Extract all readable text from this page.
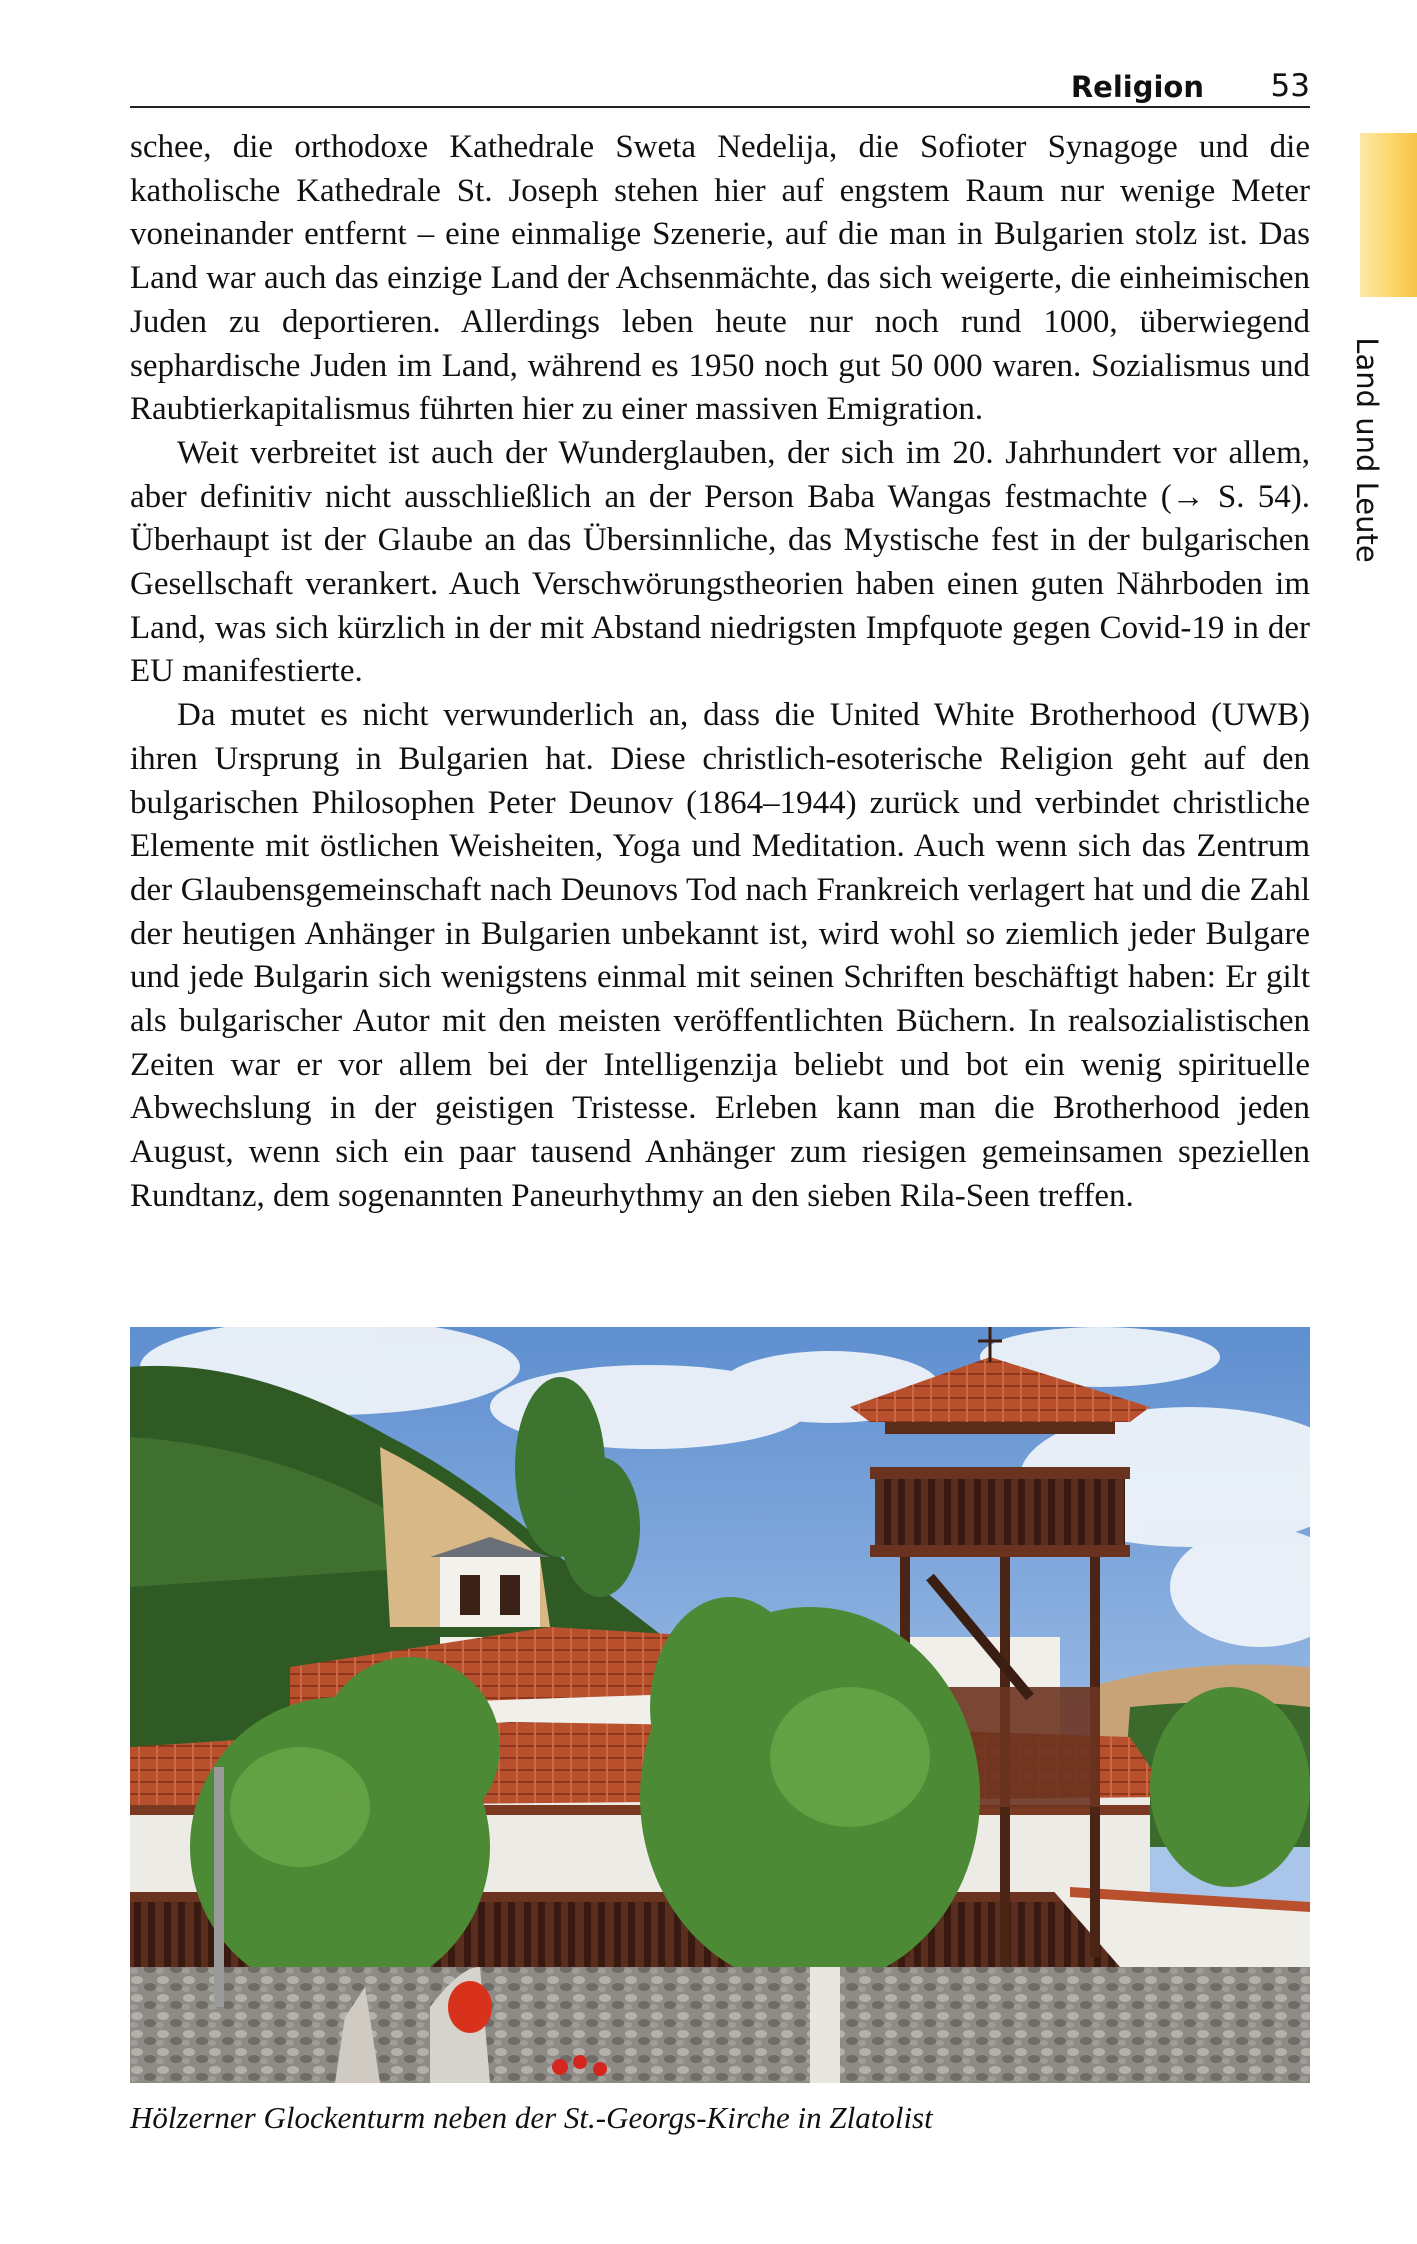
Religion 53
Land und Leute

schee, die orthodoxe Kathedrale Sweta Nedelija, die Sofioter Synagoge und die katholische Kathedrale St. Joseph stehen hier auf engstem Raum nur wenige Meter voneinander entfernt – eine einmalige Szenerie, auf die man in Bulgarien stolz ist. Das Land war auch das einzige Land der Achsenmächte, das sich weigerte, die einheimischen Juden zu deportieren. Allerdings leben heute nur noch rund 1000, überwiegend sephardische Juden im Land, während es 1950 noch gut 50 000 waren. Sozialismus und Raubtierkapitalismus führten hier zu einer massiven Emigration.

Weit verbreitet ist auch der Wunderglauben, der sich im 20. Jahrhundert vor allem, aber definitiv nicht ausschließlich an der Person Baba Wangas festmachte (→ S. 54). Überhaupt ist der Glaube an das Übersinnliche, das Mystische fest in der bulgarischen Gesellschaft verankert. Auch Verschwörungstheorien haben einen guten Nährboden im Land, was sich kürzlich in der mit Abstand niedrigsten Impfquote gegen Covid-19 in der EU manifestierte.

Da mutet es nicht verwunderlich an, dass die United White Brotherhood (UWB) ihren Ursprung in Bulgarien hat. Diese christlich-esoterische Religion geht auf den bulgarischen Philosophen Peter Deunov (1864–1944) zurück und verbindet christliche Elemente mit östlichen Weisheiten, Yoga und Meditation. Auch wenn sich das Zentrum der Glaubensgemeinschaft nach Deunovs Tod nach Frankreich verlagert hat und die Zahl der heutigen Anhänger in Bulgarien unbekannt ist, wird wohl so ziemlich jeder Bulgare und jede Bulgarin sich wenigstens einmal mit seinen Schriften beschäftigt haben: Er gilt als bulgarischer Autor mit den meisten veröffentlichten Büchern. In realsozialistischen Zeiten war er vor allem bei der Intelligenzija beliebt und bot ein wenig spirituelle Abwechslung in der geistigen Tristesse. Erleben kann man die Brotherhood jeden August, wenn sich ein paar tausend Anhänger zum riesigen gemeinsamen speziellen Rundtanz, dem sogenannten Paneurhythmy an den sieben Rila-Seen treffen.

Hölzerner Glockenturm neben der St.-Georgs-Kirche in Zlatolist
